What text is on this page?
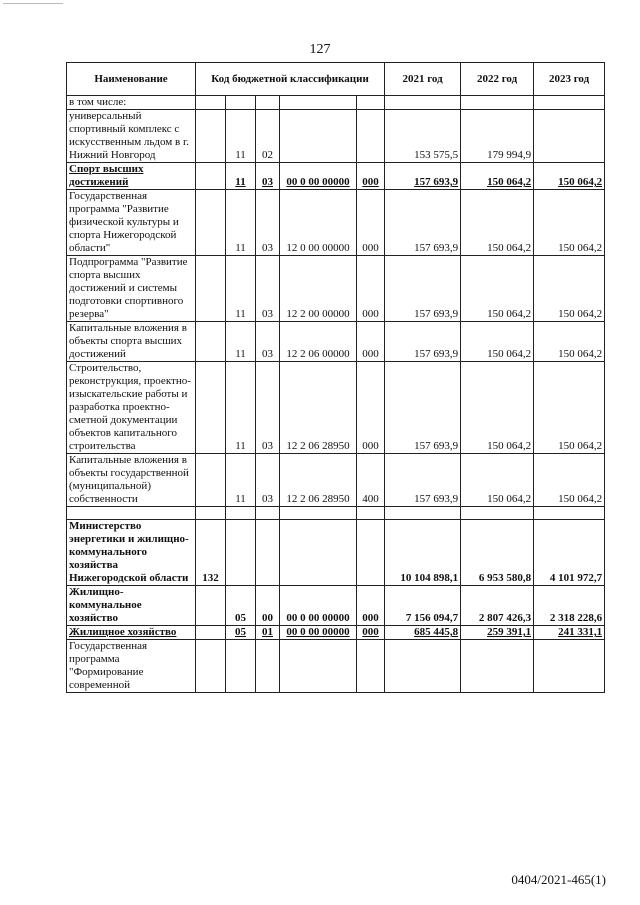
127
Наименование	Код бюджетной классификации					2021 год	2022 год	2023 год
в том числе:								
универсальный спортивный комплекс с искусственным льдом в г. Нижний Новгород		11	02			153 575,5	179 994,9	
Спорт высших достижений		11	03	00 0 00 00000	000	157 693,9	150 064,2	150 064,2
Государственная программа "Развитие физической культуры и спорта Нижегородской области"		11	03	12 0 00 00000	000	157 693,9	150 064,2	150 064,2
Подпрограмма "Развитие спорта высших достижений и системы подготовки спортивного резерва"		11	03	12 2 00 00000	000	157 693,9	150 064,2	150 064,2
Капитальные вложения в объекты спорта высших достижений		11	03	12 2 06 00000	000	157 693,9	150 064,2	150 064,2
Строительство, реконструкция, проектно-изыскательские работы и разработка проектно-сметной документации объектов капитального строительства		11	03	12 2 06 28950	000	157 693,9	150 064,2	150 064,2
Капитальные вложения в объекты государственной (муниципальной) собственности		11	03	12 2 06 28950	400	157 693,9	150 064,2	150 064,2

Министерство энергетики и жилищно-коммунального хозяйства Нижегородской области	132					10 104 898,1	6 953 580,8	4 101 972,7
Жилищно-коммунальное хозяйство		05	00	00 0 00 00000	000	7 156 094,7	2 807 426,3	2 318 228,6
Жилищное хозяйство		05	01	00 0 00 00000	000	685 445,8	259 391,1	241 331,1
Государственная программа "Формирование современной								
0404/2021-465(1)
